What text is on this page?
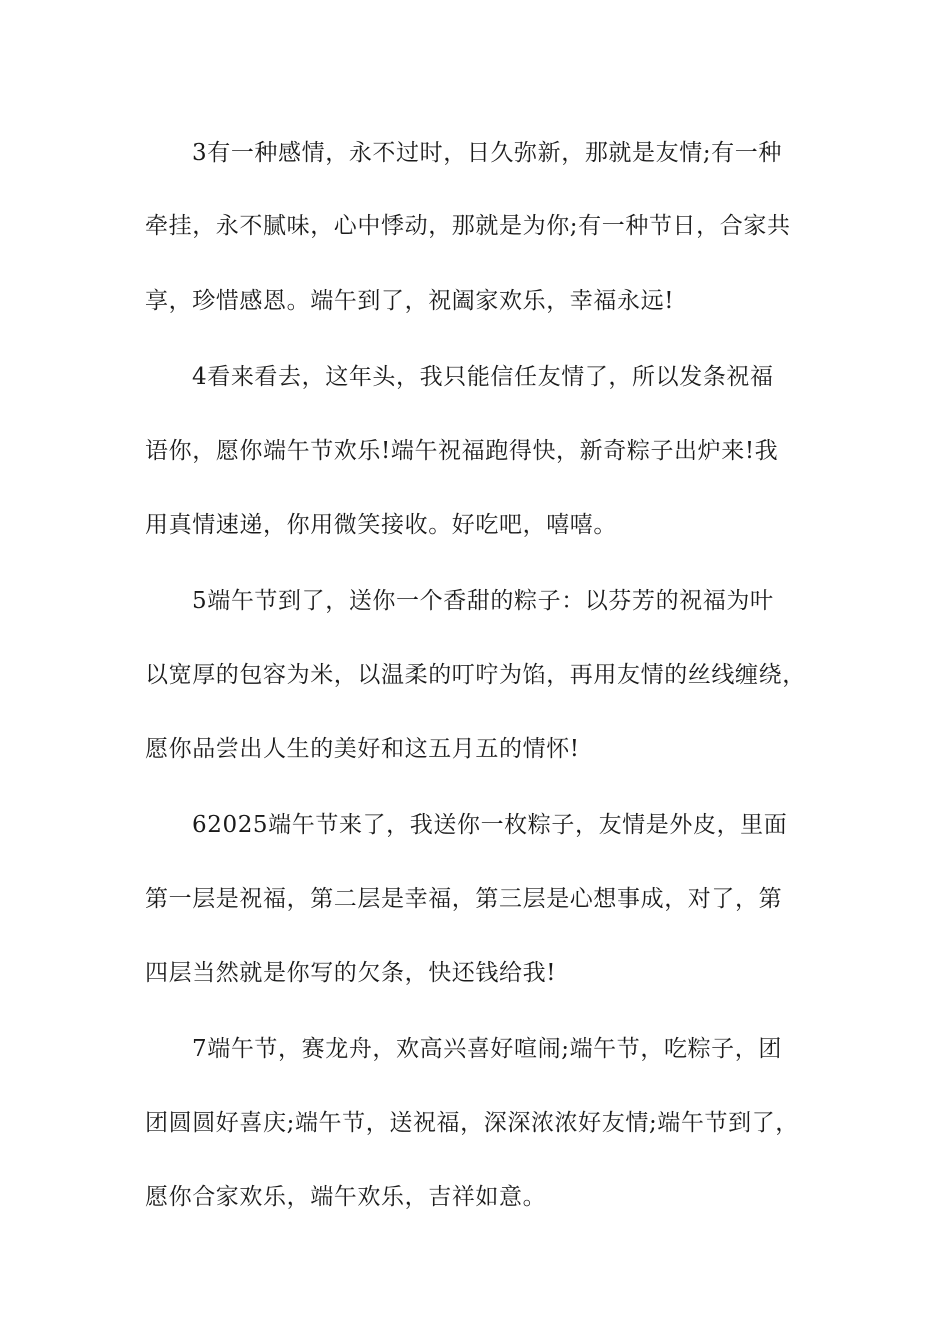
3有一种感情，永不过时，日久弥新，那就是友情;有一种
牵挂，永不腻味，心中悸动，那就是为你;有一种节日，合家共
享，珍惜感恩。端午到了，祝阖家欢乐，幸福永远!
4看来看去，这年头，我只能信任友情了，所以发条祝福
语你，愿你端午节欢乐!端午祝福跑得快，新奇粽子出炉来!我
用真情速递，你用微笑接收。好吃吧，嘻嘻。
5端午节到了，送你一个香甜的粽子：以芬芳的祝福为叶
以宽厚的包容为米，以温柔的叮咛为馅，再用友情的丝线缠绕，
愿你品尝出人生的美好和这五月五的情怀!
62025端午节来了，我送你一枚粽子，友情是外皮，里面
第一层是祝福，第二层是幸福，第三层是心想事成，对了，第
四层当然就是你写的欠条，快还钱给我!
7端午节，赛龙舟，欢高兴喜好喧闹;端午节，吃粽子，团
团圆圆好喜庆;端午节，送祝福，深深浓浓好友情;端午节到了，
愿你合家欢乐，端午欢乐，吉祥如意。
